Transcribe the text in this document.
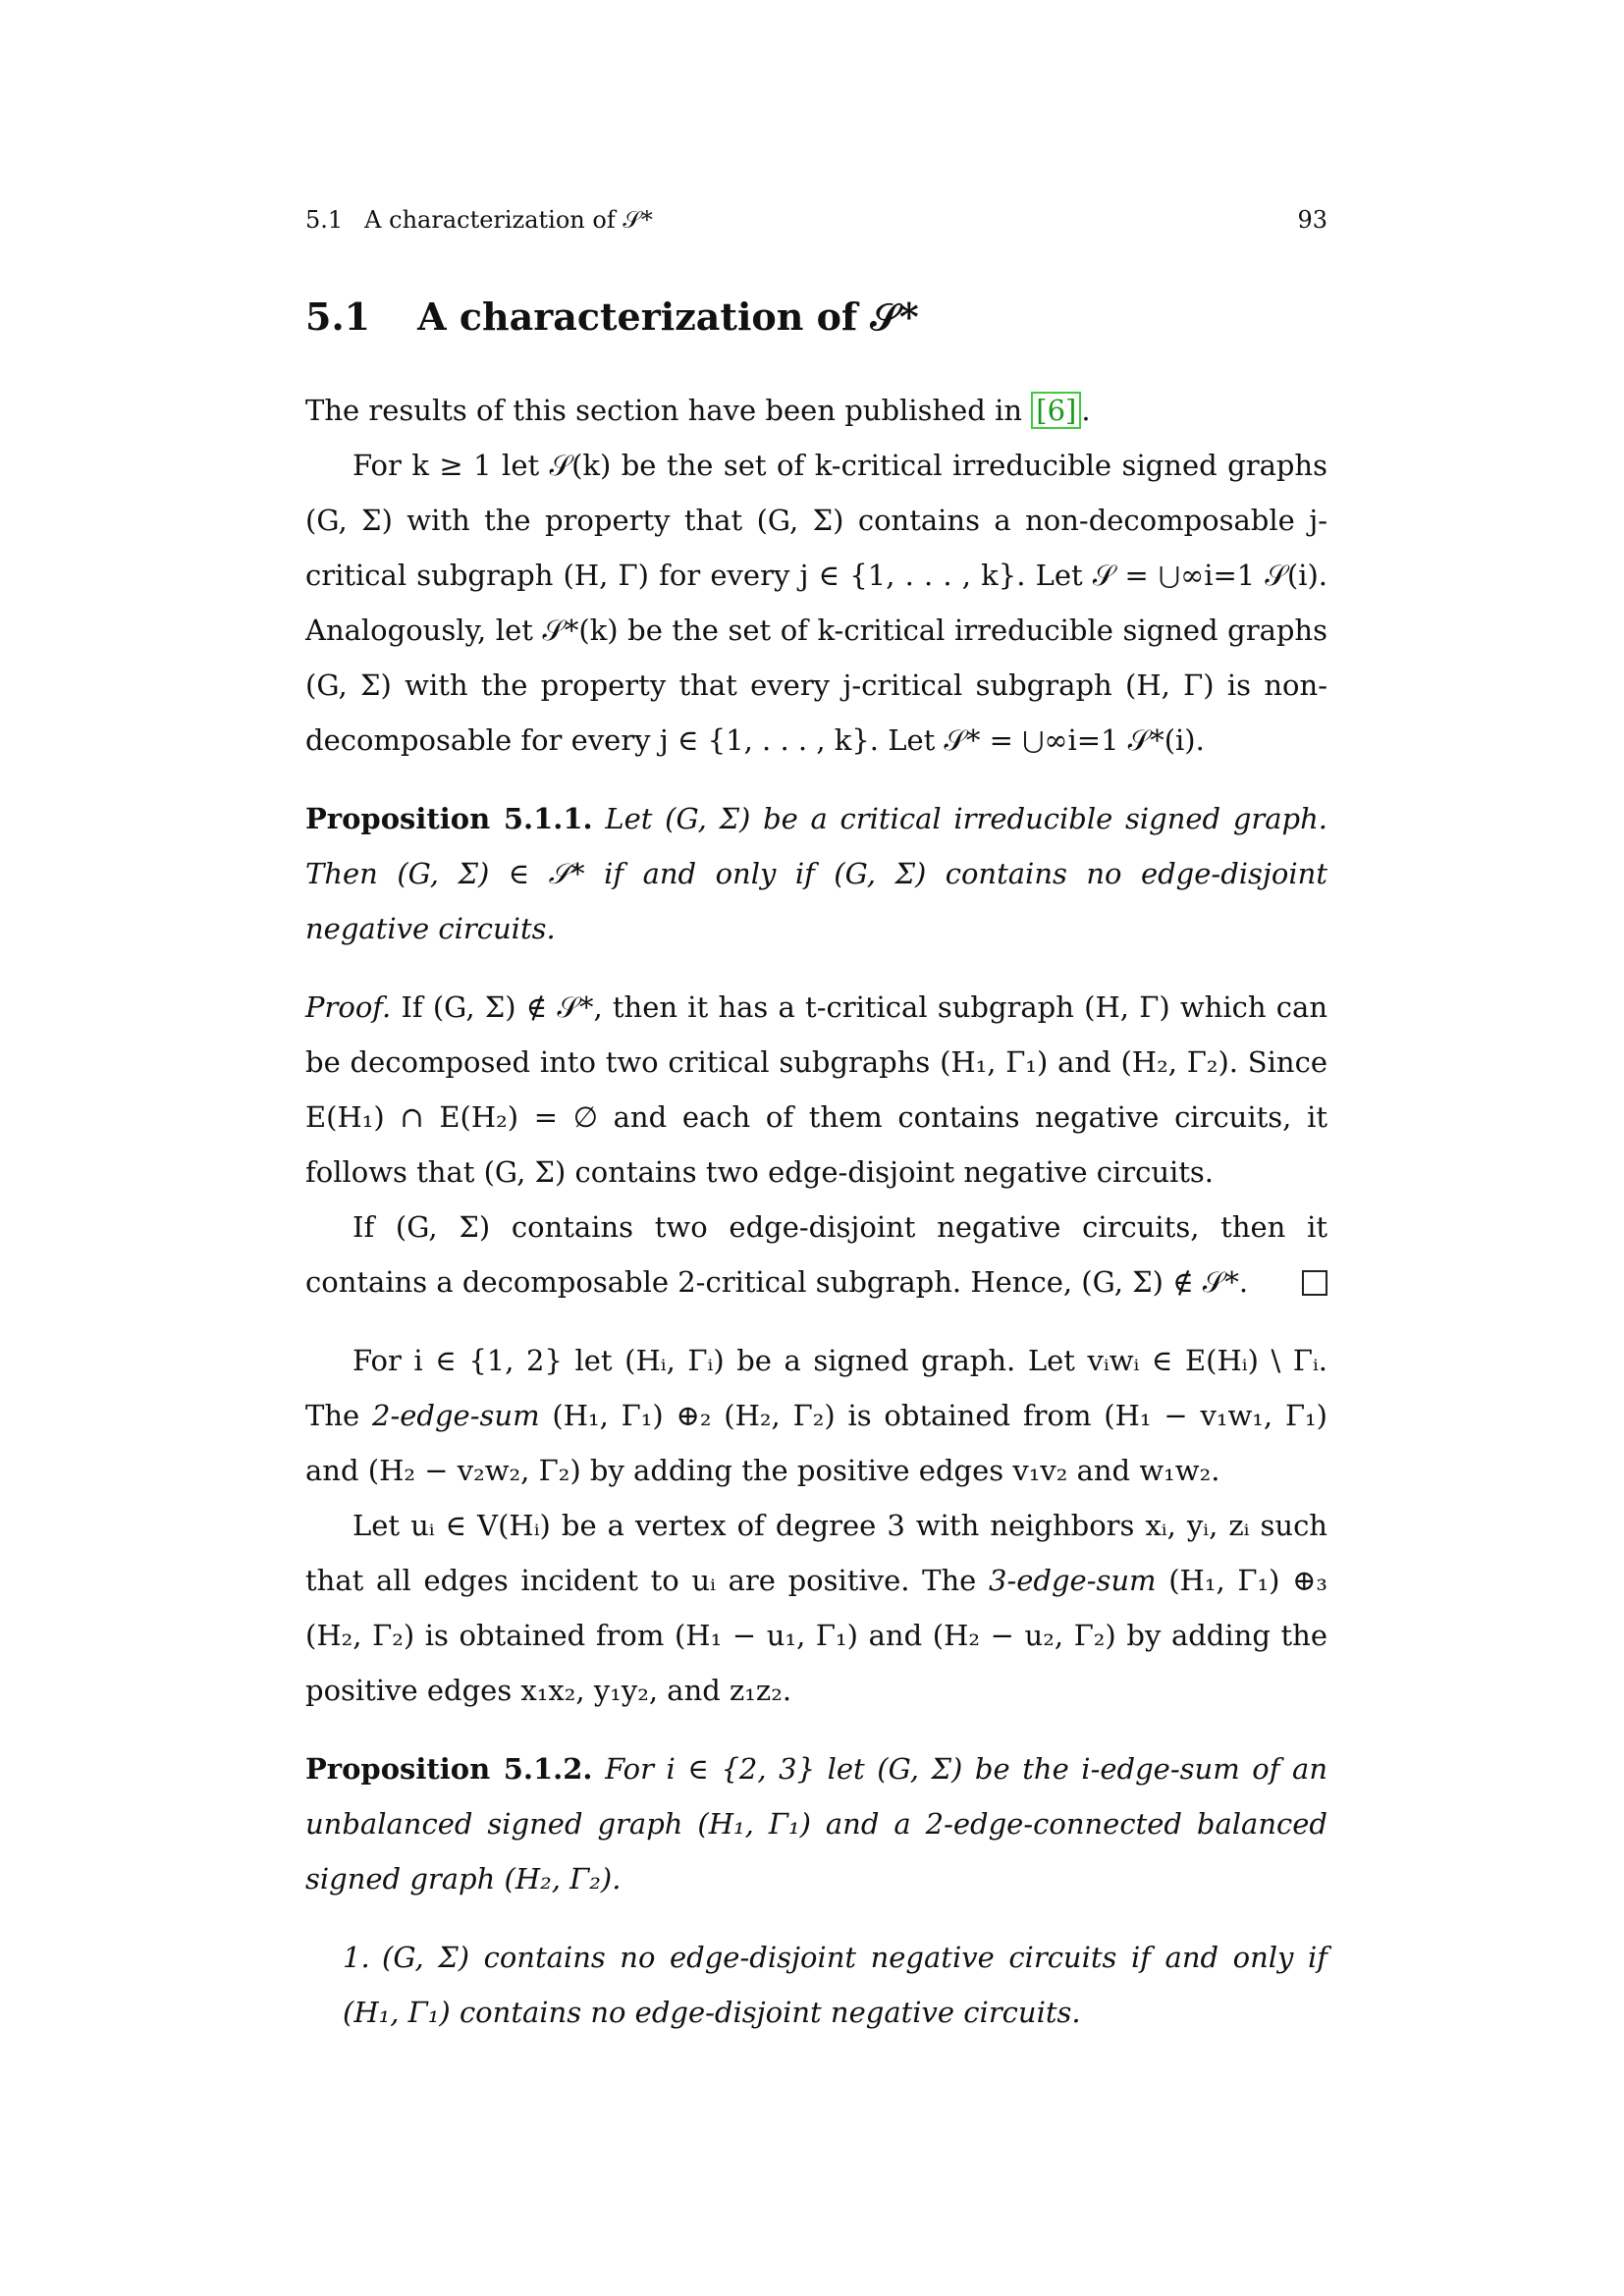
5.1 A characterization of 𝒮*	93
5.1 A characterization of 𝒮*

The results of this section have been published in [6] .

For k ≥ 1 let 𝒮(k) be the set of k-critical irreducible signed graphs (G, Σ) with the property that (G, Σ) contains a non-decomposable j-critical subgraph (H, Γ) for every j ∈ {1, . . . , k}. Let 𝒮 = ⋃∞i=1 𝒮(i). Analogously, let 𝒮*(k) be the set of k-critical irreducible signed graphs (G, Σ) with the property that every j-critical subgraph (H, Γ) is non-decomposable for every j ∈ {1, . . . , k}. Let 𝒮* = ⋃∞i=1 𝒮*(i).

Proposition 5.1.1. Let (G, Σ) be a critical irreducible signed graph. Then (G, Σ) ∈ 𝒮* if and only if (G, Σ) contains no edge-disjoint negative circuits.

Proof. If (G, Σ) ∉ 𝒮*, then it has a t-critical subgraph (H, Γ) which can be decomposed into two critical subgraphs (H₁, Γ₁) and (H₂, Γ₂). Since E(H₁) ∩ E(H₂) = ∅ and each of them contains negative circuits, it follows that (G, Σ) contains two edge-disjoint negative circuits.

If (G, Σ) contains two edge-disjoint negative circuits, then it contains a decomposable 2-critical subgraph. Hence, (G, Σ) ∉ 𝒮*.

For i ∈ {1, 2} let (Hᵢ, Γᵢ) be a signed graph. Let vᵢwᵢ ∈ E(Hᵢ) \ Γᵢ. The 2-edge-sum (H₁, Γ₁) ⊕₂ (H₂, Γ₂) is obtained from (H₁ − v₁w₁, Γ₁) and (H₂ − v₂w₂, Γ₂) by adding the positive edges v₁v₂ and w₁w₂.

Let uᵢ ∈ V(Hᵢ) be a vertex of degree 3 with neighbors xᵢ, yᵢ, zᵢ such that all edges incident to uᵢ are positive. The 3-edge-sum (H₁, Γ₁) ⊕₃ (H₂, Γ₂) is obtained from (H₁ − u₁, Γ₁) and (H₂ − u₂, Γ₂) by adding the positive edges x₁x₂, y₁y₂, and z₁z₂.

Proposition 5.1.2. For i ∈ {2, 3} let (G, Σ) be the i-edge-sum of an unbalanced signed graph (H₁, Γ₁) and a 2-edge-connected balanced signed graph (H₂, Γ₂).

1. (G, Σ) contains no edge-disjoint negative circuits if and only if (H₁, Γ₁) contains no edge-disjoint negative circuits.
